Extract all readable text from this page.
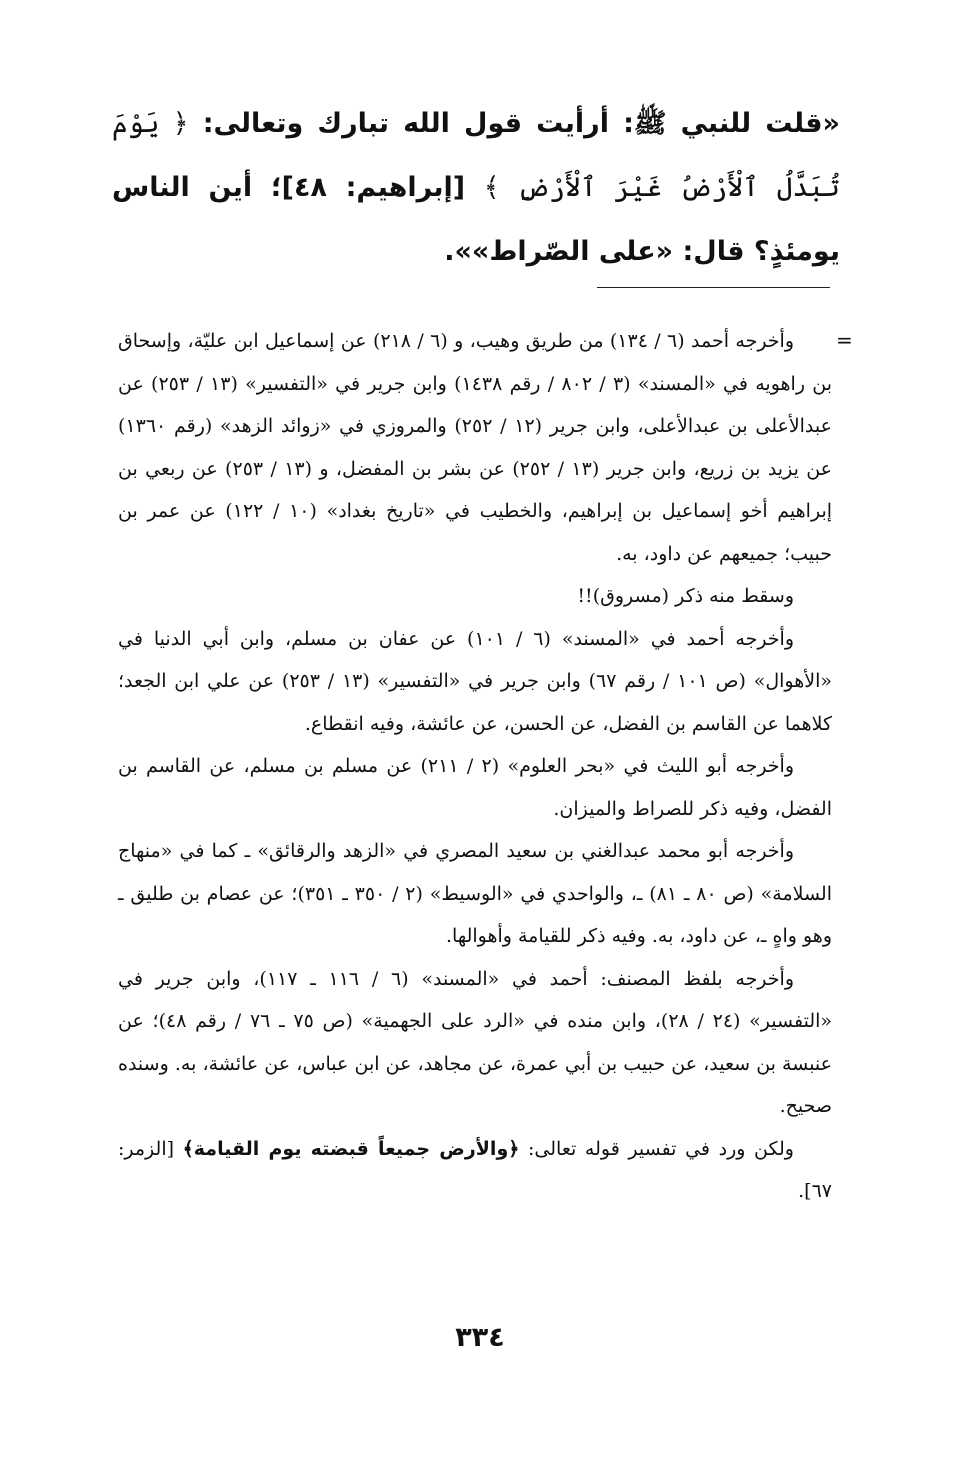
«قلت للنبي ﷺ: أرأيت قول الله تبارك وتعالى: ﴿ يَوْمَ تُبَدَّلُ ٱلْأَرْضُ غَيْرَ ٱلْأَرْضِ ﴾ [إبراهيم: ٤٨]؛ أين الناس يومئذٍ؟ قال: «على الصّراط»».

=

وأخرجه أحمد (٦ / ١٣٤) من طريق وهيب، و (٦ / ٢١٨) عن إسماعيل ابن عليّة، وإسحاق بن راهويه في «المسند» (٣ / ٨٠٢ / رقم ١٤٣٨) وابن جرير في «التفسير» (١٣ / ٢٥٣) عن عبدالأعلى بن عبدالأعلى، وابن جرير (١٢ / ٢٥٢) والمروزي في «زوائد الزهد» (رقم ١٣٦٠) عن يزيد بن زريع، وابن جرير (١٣ / ٢٥٢) عن بشر بن المفضل، و (١٣ / ٢٥٣) عن ربعي بن إبراهيم أخو إسماعيل بن إبراهيم، والخطيب في «تاريخ بغداد» (١٠ / ١٢٢) عن عمر بن حبيب؛ جميعهم عن داود، به.

وسقط منه ذكر (مسروق)!!

وأخرجه أحمد في «المسند» (٦ / ١٠١) عن عفان بن مسلم، وابن أبي الدنيا في «الأهوال» (ص ١٠١ / رقم ٦٧) وابن جرير في «التفسير» (١٣ / ٢٥٣) عن علي ابن الجعد؛ كلاهما عن القاسم بن الفضل، عن الحسن، عن عائشة، وفيه انقطاع.

وأخرجه أبو الليث في «بحر العلوم» (٢ / ٢١١) عن مسلم بن مسلم، عن القاسم بن الفضل، وفيه ذكر للصراط والميزان.

وأخرجه أبو محمد عبدالغني بن سعيد المصري في «الزهد والرقائق» ـ كما في «منهاج السلامة» (ص ٨٠ ـ ٨١) ـ، والواحدي في «الوسيط» (٢ / ٣٥٠ ـ ٣٥١)؛ عن عصام بن طليق ـ وهو واهٍ ـ، عن داود، به. وفيه ذكر للقيامة وأهوالها.

وأخرجه بلفظ المصنف: أحمد في «المسند» (٦ / ١١٦ ـ ١١٧)، وابن جرير في «التفسير» (٢٤ / ٢٨)، وابن منده في «الرد على الجهمية» (ص ٧٥ ـ ٧٦ / رقم ٤٨)؛ عن عنبسة بن سعيد، عن حبيب بن أبي عمرة، عن مجاهد، عن ابن عباس، عن عائشة، به. وسنده صحيح.

ولكن ورد في تفسير قوله تعالى: ﴿والأرض جميعاً قبضته يوم القيامة﴾ [الزمر: ٦٧].

٣٣٤
